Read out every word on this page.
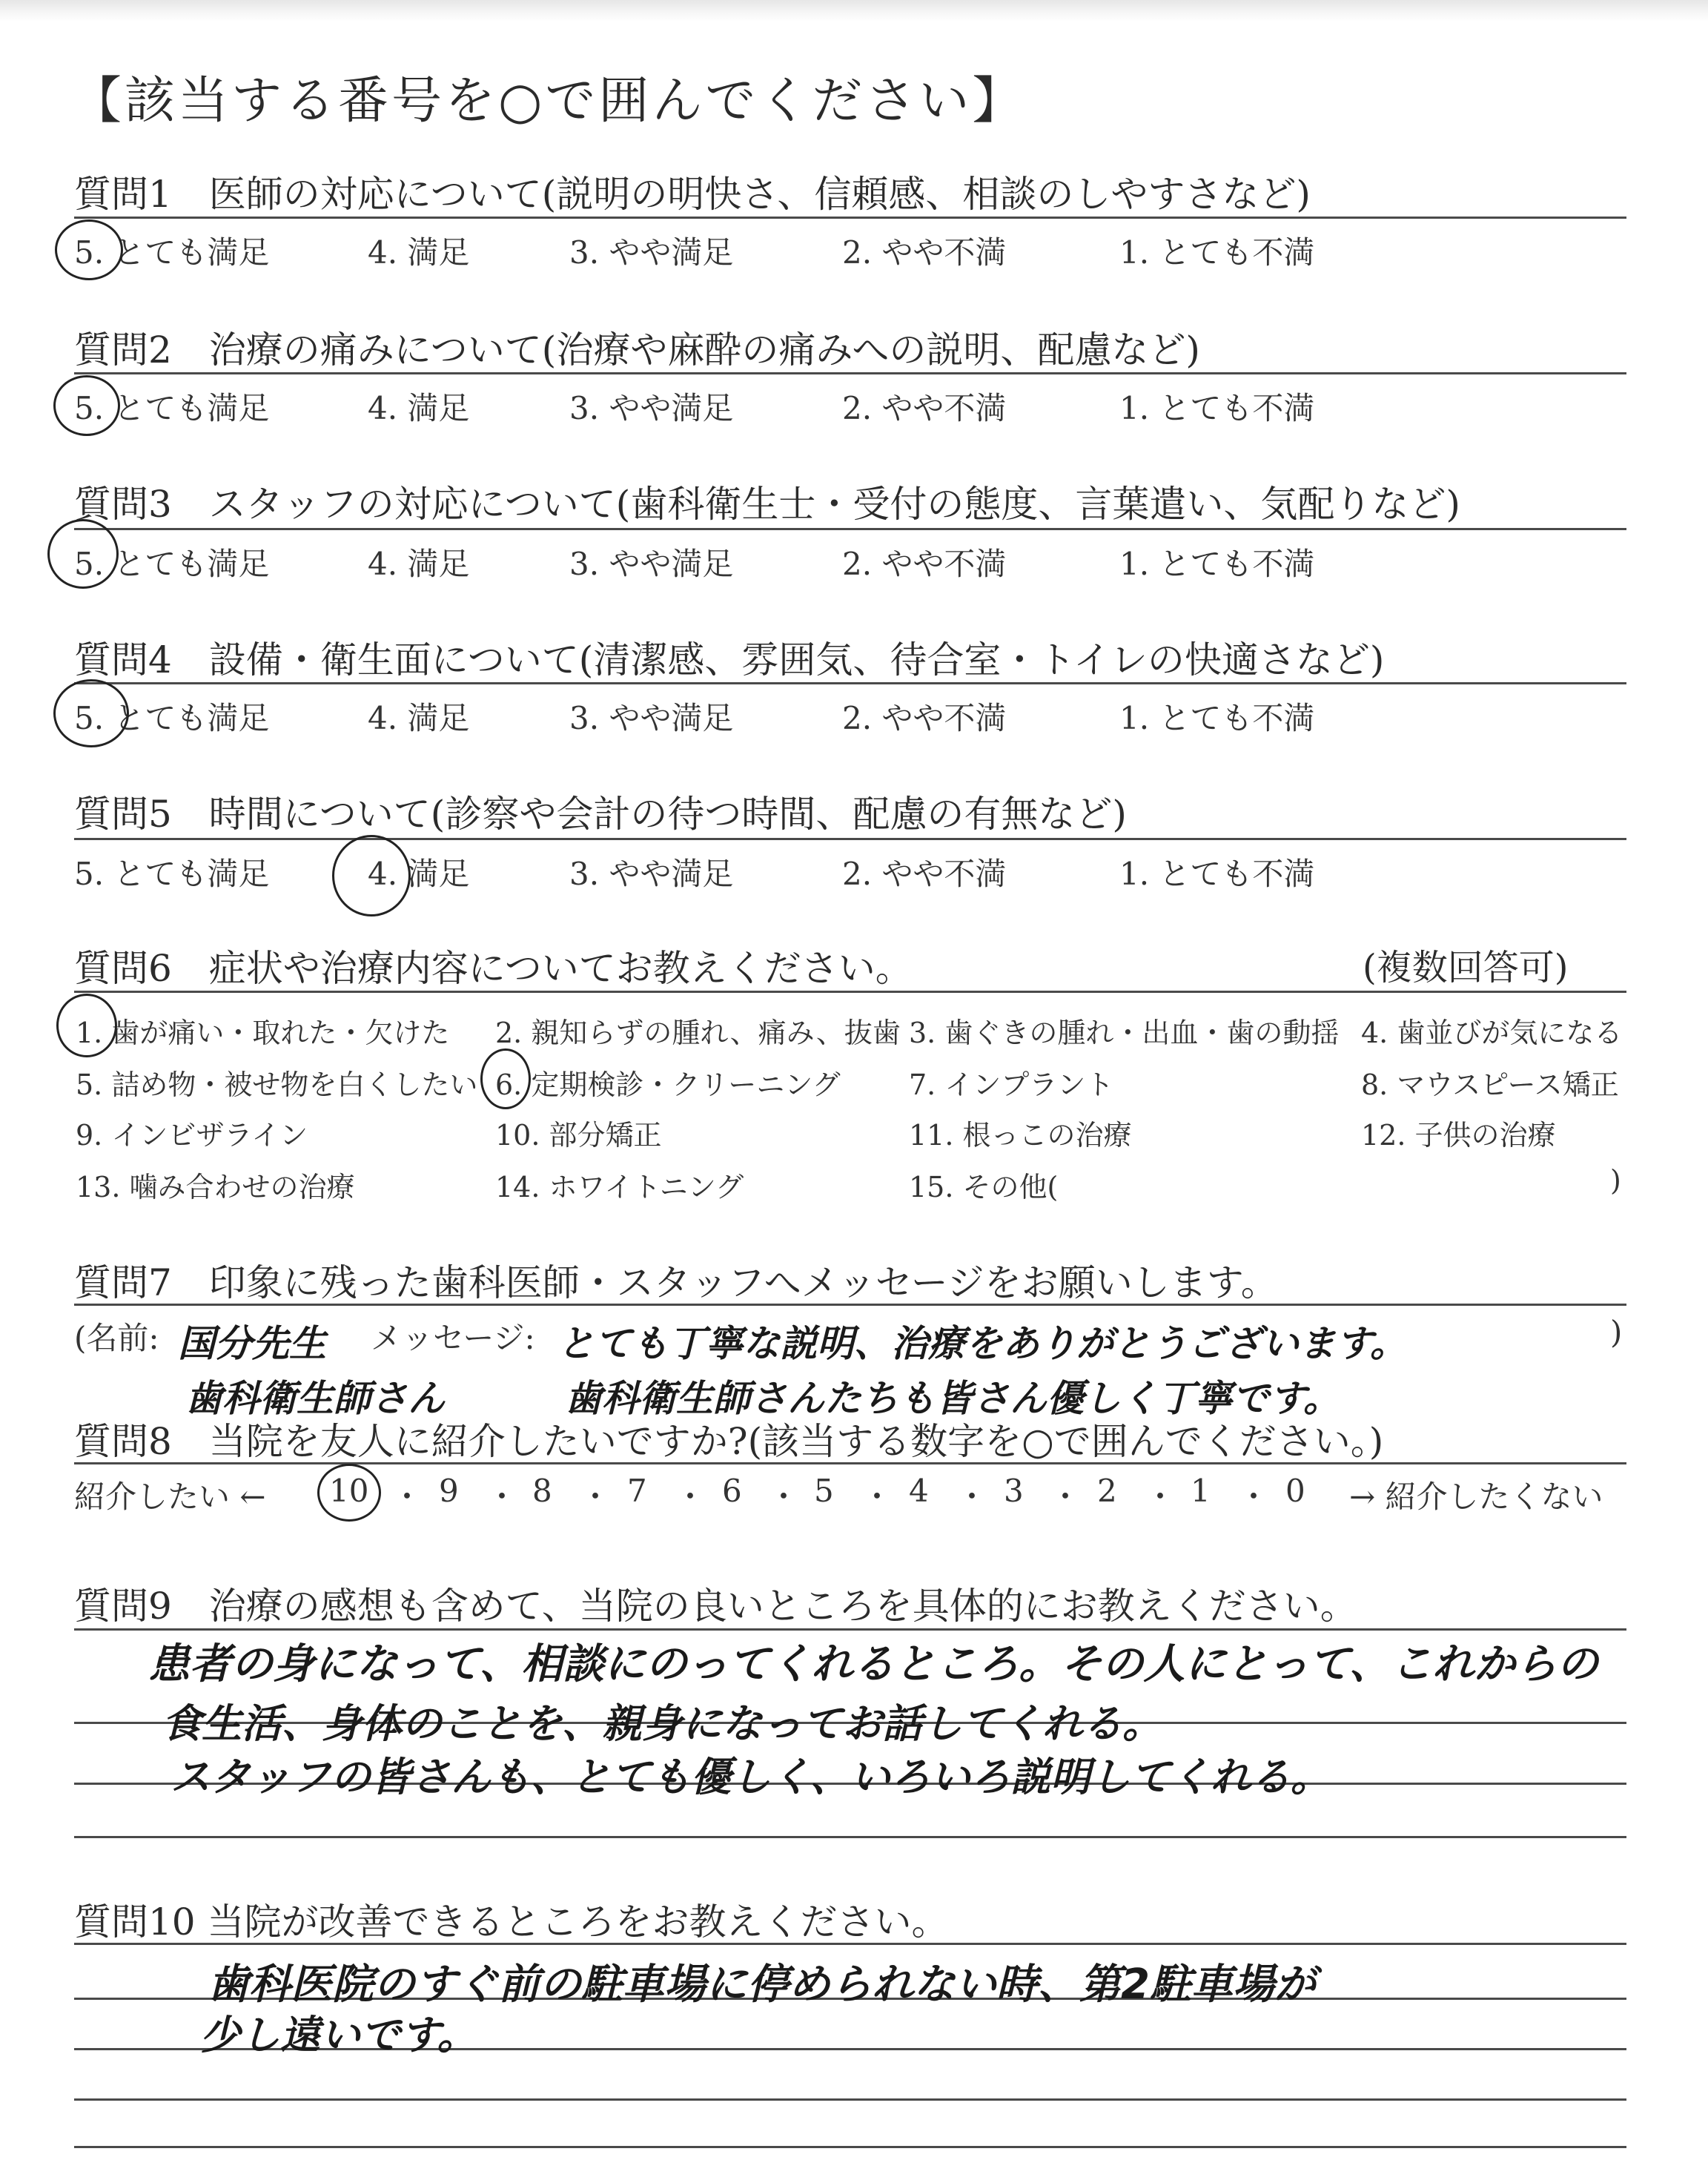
【該当する番号を○で囲んでください】
質問1　医師の対応について(説明の明快さ、信頼感、相談のしやすさなど)
5. とても満足	4. 満足	3. やや満足	2. やや不満	1. とても不満
質問2　治療の痛みについて(治療や麻酔の痛みへの説明、配慮など)
5. とても満足	4. 満足	3. やや満足	2. やや不満	1. とても不満
質問3　スタッフの対応について(歯科衛生士・受付の態度、言葉遣い、気配りなど)
5. とても満足	4. 満足	3. やや満足	2. やや不満	1. とても不満
質問4　設備・衛生面について(清潔感、雰囲気、待合室・トイレの快適さなど)
5. とても満足	4. 満足	3. やや満足	2. やや不満	1. とても不満
質問5　時間について(診察や会計の待つ時間、配慮の有無など)
5. とても満足	4. 満足	3. やや満足	2. やや不満	1. とても不満
質問6　症状や治療内容についてお教えください。	(複数回答可)
1. 歯が痛い・取れた・欠けた 2. 親知らずの腫れ、痛み、抜歯 3. 歯ぐきの腫れ・出血・歯の動揺 4. 歯並びが気になる
5. 詰め物・被せ物を白くしたい 6. 定期検診・クリーニング 7. インプラント	8. マウスピース矯正
9. インビザライン	10. 部分矯正	11. 根っこの治療	12. 子供の治療
13. 噛み合わせの治療	14. ホワイトニング	15. その他(	)
質問7　印象に残った歯科医師・スタッフへメッセージをお願いします。
(名前:	メッセージ:	)
国分先生	とても丁寧な説明、治療をありがとうございます。
歯科衛生師さん	歯科衛生師さんたちも皆さん優しく丁寧です。
質問8　当院を友人に紹介したいですか?(該当する数字を○で囲んでください。)
紹介したい ←	→ 紹介したくない
10 ・ 9 ・ 8 ・ 7 ・ 6 ・ 5 ・ 4 ・ 3 ・ 2 ・ 1 ・ 0
質問9　治療の感想も含めて、当院の良いところを具体的にお教えください。
患者の身になって、相談にのってくれるところ。その人にとって、これからの
食生活、身体のことを、親身になってお話してくれる。
スタッフの皆さんも、とても優しく、いろいろ説明してくれる。
質問10 当院が改善できるところをお教えください。
歯科医院のすぐ前の駐車場に停められない時、第2駐車場が
少し遠いです。
